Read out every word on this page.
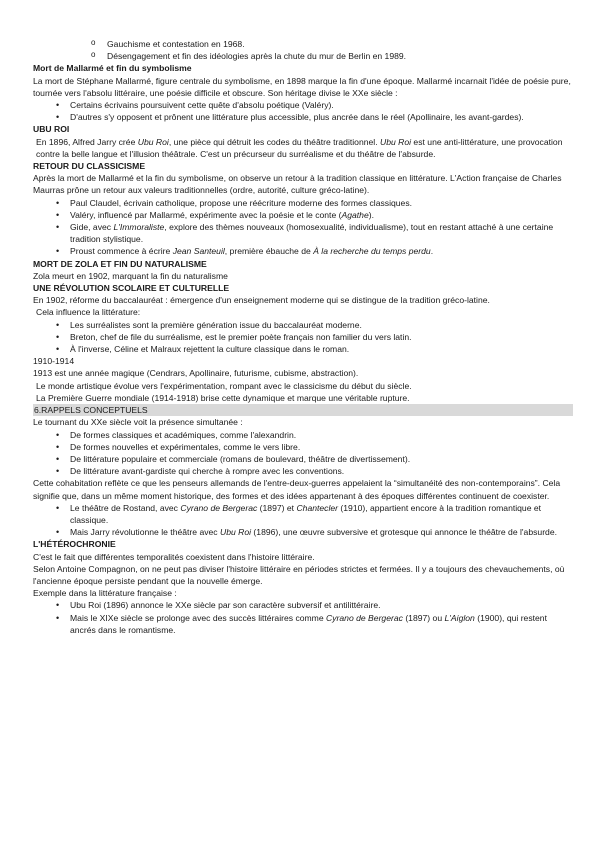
o Gauchisme et contestation en 1968.
o Désengagement et fin des idéologies après la chute du mur de Berlin en 1989.
Mort de Mallarmé et fin du symbolisme

La mort de Stéphane Mallarmé, figure centrale du symbolisme, en 1898 marque la fin d'une époque. Mallarmé incarnait l'idée de poésie pure, tournée vers l'absolu littéraire, une poésie difficile et obscure. Son héritage divise le XXe siècle :

• Certains écrivains poursuivent cette quête d'absolu poétique (Valéry).
• D'autres s'y opposent et prônent une littérature plus accessible, plus ancrée dans le réel (Apollinaire, les avant-gardes).
UBU ROI

En 1896, Alfred Jarry crée Ubu Roi, une pièce qui détruit les codes du théâtre traditionnel. Ubu Roi est une anti-littérature, une provocation contre la belle langue et l'illusion théâtrale. C'est un précurseur du surréalisme et du théâtre de l'absurde.

RETOUR DU CLASSICISME

Après la mort de Mallarmé et la fin du symbolisme, on observe un retour à la tradition classique en littérature. L'Action française de Charles Maurras prône un retour aux valeurs traditionnelles (ordre, autorité, culture gréco-latine).

• Paul Claudel, écrivain catholique, propose une réécriture moderne des formes classiques.
• Valéry, influencé par Mallarmé, expérimente avec la poésie et le conte (Agathe).
• Gide, avec L'Immoraliste, explore des thèmes nouveaux (homosexualité, individualisme), tout en restant attaché à une certaine tradition stylistique.
• Proust commence à écrire Jean Santeuil, première ébauche de À la recherche du temps perdu.
MORT DE ZOLA ET FIN DU NATURALISME

Zola meurt en 1902, marquant la fin du naturalisme

UNE RÉVOLUTION SCOLAIRE ET CULTURELLE

En 1902, réforme du baccalauréat : émergence d'un enseignement moderne qui se distingue de la tradition gréco-latine.

Cela influence la littérature:

• Les surréalistes sont la première génération issue du baccalauréat moderne.
• Breton, chef de file du surréalisme, est le premier poète français non familier du vers latin.
• À l'inverse, Céline et Malraux rejettent la culture classique dans le roman.

1910-1914

1913 est une année magique (Cendrars, Apollinaire, futurisme, cubisme, abstraction).

Le monde artistique évolue vers l'expérimentation, rompant avec le classicisme du début du siècle.

La Première Guerre mondiale (1914-1918) brise cette dynamique et marque une véritable rupture.

6.RAPPELS CONCEPTUELS

Le tournant du XXe siècle voit la présence simultanée :

• De formes classiques et académiques, comme l'alexandrin.
• De formes nouvelles et expérimentales, comme le vers libre.
• De littérature populaire et commerciale (romans de boulevard, théâtre de divertissement).
• De littérature avant-gardiste qui cherche à rompre avec les conventions.

Cette cohabitation reflète ce que les penseurs allemands de l'entre-deux-guerres appelaient la “simultanéité des non-contemporains”. Cela signifie que, dans un même moment historique, des formes et des idées appartenant à des époques différentes continuent de coexister.

• Le théâtre de Rostand, avec Cyrano de Bergerac (1897) et Chantecler (1910), appartient encore à la tradition romantique et classique.
• Mais Jarry révolutionne le théâtre avec Ubu Roi (1896), une œuvre subversive et grotesque qui annonce le théâtre de l'absurde.
L'HÉTÉROCHRONIE

C'est le fait que différentes temporalités coexistent dans l'histoire littéraire.

Selon Antoine Compagnon, on ne peut pas diviser l'histoire littéraire en périodes strictes et fermées. Il y a toujours des chevauchements, où l'ancienne époque persiste pendant que la nouvelle émerge.

Exemple dans la littérature française :

• Ubu Roi (1896) annonce le XXe siècle par son caractère subversif et antilittéraire.
• Mais le XIXe siècle se prolonge avec des succès littéraires comme Cyrano de Bergerac (1897) ou L'Aiglon (1900), qui restent ancrés dans le romantisme.
